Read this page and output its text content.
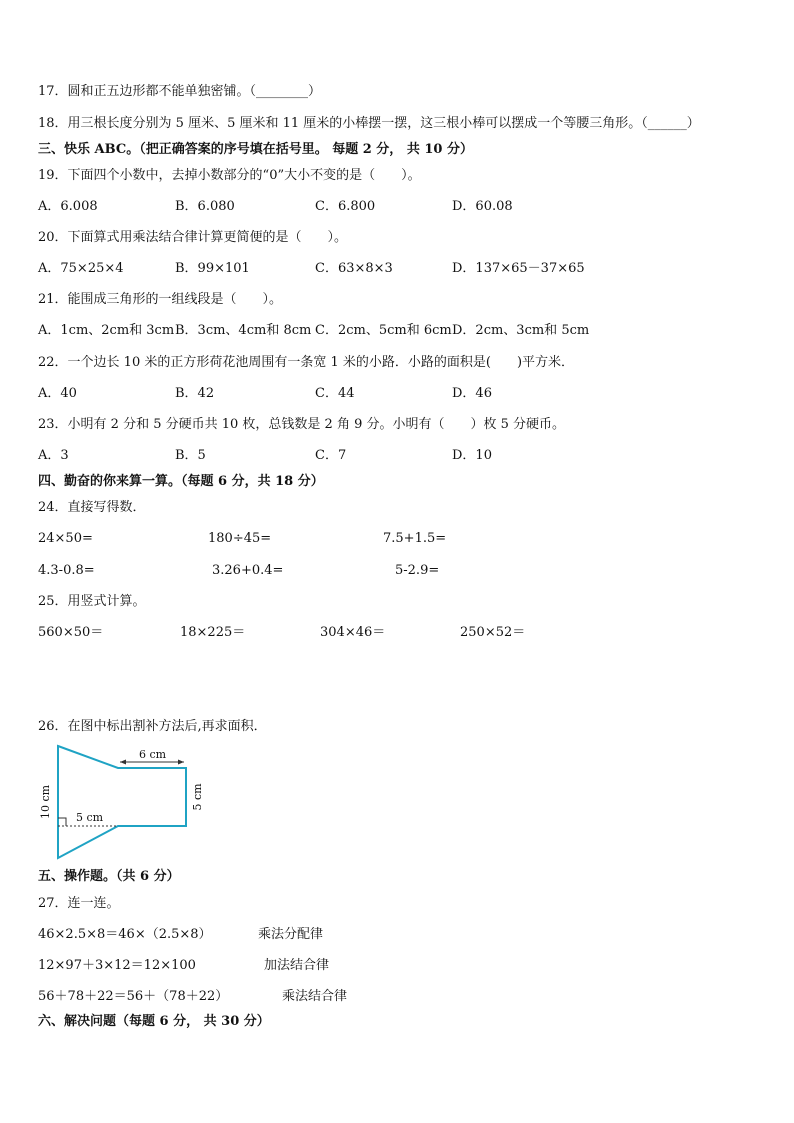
17．圆和正五边形都不能单独密铺。（________）
18．用三根长度分别为 5 厘米、5 厘米和 11 厘米的小棒摆一摆，这三根小棒可以摆成一个等腰三角形。（______）
三、快乐 ABC。（把正确答案的序号填在括号里。 每题 2 分， 共 10 分）
19．下面四个小数中，去掉小数部分的“0”大小不变的是（　　）。
A．6.008	B．6.080	C．6.800	D．60.08
20．下面算式用乘法结合律计算更简便的是（　　）。
A．75×25×4	B．99×101	C．63×8×3	D．137×65－37×65
21．能围成三角形的一组线段是（　　）。
A．1cm、2cm和 3cm B．3cm、4cm和 8cm C．2cm、5cm和 6cm D．2cm、3cm和 5cm
22．一个边长 10 米的正方形荷花池周围有一条宽 1 米的小路．小路的面积是(　　)平方米．
A．40	B．42	C．44	D．46
23．小明有 2 分和 5 分硬币共 10 枚，总钱数是 2 角 9 分。小明有（　　）枚 5 分硬币。
A．3	B．5	C．7	D．10
四、勤奋的你来算一算。（每题 6 分，共 18 分）
24．直接写得数．
24×50=	180÷45=	7.5+1.5=
4.3-0.8=	3.26+0.4=	5-2.9=
25．用竖式计算。
560×50＝	18×225＝	304×46＝	250×52＝
26．在图中标出割补方法后,再求面积．
6 cm
5 cm
10 cm 5 cm
五、操作题。（共 6 分）
27．连一连。
46×2.5×8＝46×（2.5×8）	乘法分配律
12×97＋3×12＝12×100	加法结合律
56＋78＋22＝56＋（78＋22）	乘法结合律
六、解决问题（每题 6 分， 共 30 分）
